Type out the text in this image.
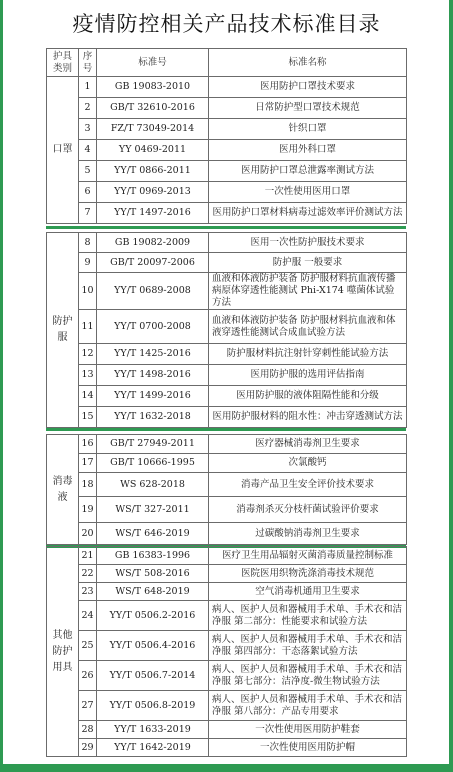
疫情防控相关产品技术标准目录
护具类别	序号	标准号	标准名称
口罩	1	GB 19083-2010	医用防护口罩技术要求
	2	GB/T 32610-2016	日常防护型口罩技术规范
	3	FZ/T 73049-2014	针织口罩
	4	YY 0469-2011	医用外科口罩
	5	YY/T 0866-2011	医用防护口罩总泄露率测试方法
	6	YY/T 0969-2013	一次性使用医用口罩
	7	YY/T 1497-2016	医用防护口罩材料病毒过滤效率评价测试方法
防护服	8	GB 19082-2009	医用一次性防护服技术要求
	9	GB/T 20097-2006	防护服 一般要求
	10	YY/T 0689-2008	血液和体液防护装备 防护服材料抗血液传播病原体穿透性能测试 Phi-X174 噬菌体试验方法
	11	YY/T 0700-2008	血液和体液防护装备 防护服材料抗血液和体液穿透性能测试合成血试验方法
	12	YY/T 1425-2016	防护服材料抗注射针穿刺性能试验方法
	13	YY/T 1498-2016	医用防护服的选用评估指南
	14	YY/T 1499-2016	医用防护服的液体阻隔性能和分级
	15	YY/T 1632-2018	医用防护服材料的阻水性：冲击穿透测试方法
消毒液	16	GB/T 27949-2011	医疗器械消毒剂卫生要求
	17	GB/T 10666-1995	次氯酸钙
	18	WS 628-2018	消毒产品卫生安全评价技术要求
	19	WS/T 327-2011	消毒剂杀灭分枝杆菌试验评价要求
	20	WS/T 646-2019	过碳酸钠消毒剂卫生要求
其他防护用具	21	GB 16383-1996	医疗卫生用品辐射灭菌消毒质量控制标准
	22	WS/T 508-2016	医院医用织物洗涤消毒技术规范
	23	WS/T 648-2019	空气消毒机通用卫生要求
	24	YY/T 0506.2-2016	病人、医护人员和器械用手术单、手术衣和洁净服 第二部分：性能要求和试验方法
	25	YY/T 0506.4-2016	病人、医护人员和器械用手术单、手术衣和洁净服 第四部分：干态落絮试验方法
	26	YY/T 0506.7-2014	病人、医护人员和器械用手术单、手术衣和洁净服 第七部分：洁净度-微生物试验方法
	27	YY/T 0506.8-2019	病人、医护人员和器械用手术单、手术衣和洁净服 第八部分：产品专用要求
	28	YY/T 1633-2019	一次性使用医用防护鞋套
	29	YY/T 1642-2019	一次性使用医用防护帽
